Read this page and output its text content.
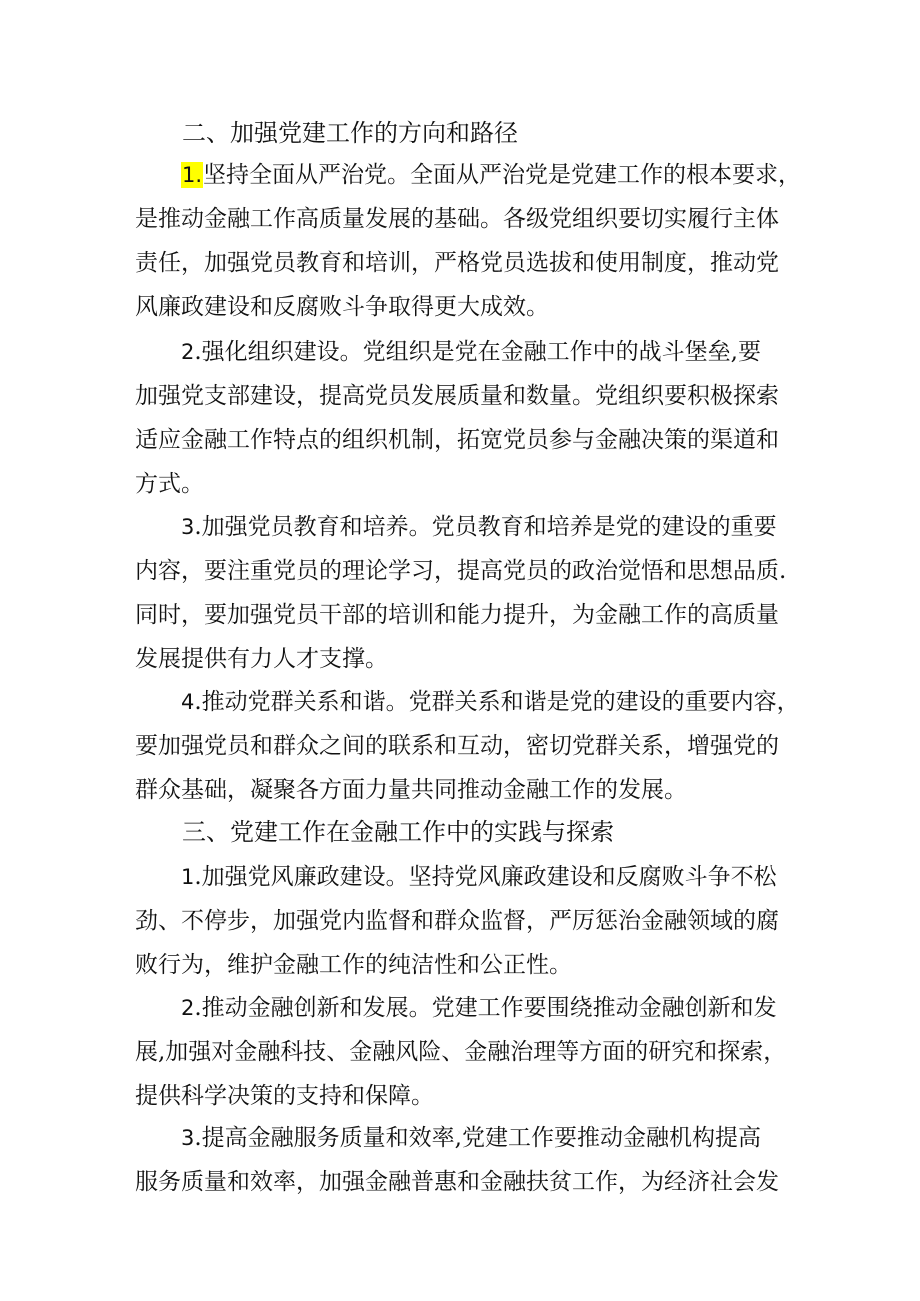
二、加强党建工作的方向和路径
1.坚持全面从严治党。全面从严治党是党建工作的根本要求，
是推动金融工作高质量发展的基础。各级党组织要切实履行主体
责任，加强党员教育和培训，严格党员选拔和使用制度，推动党
风廉政建设和反腐败斗争取得更大成效。
2.强化组织建设。党组织是党在金融工作中的战斗堡垒,要
加强党支部建设，提高党员发展质量和数量。党组织要积极探索
适应金融工作特点的组织机制，拓宽党员参与金融决策的渠道和
方式。
3.加强党员教育和培养。党员教育和培养是党的建设的重要
内容，要注重党员的理论学习，提高党员的政治觉悟和思想品质.
同时，要加强党员干部的培训和能力提升，为金融工作的高质量
发展提供有力人才支撑。
4.推动党群关系和谐。党群关系和谐是党的建设的重要内容，
要加强党员和群众之间的联系和互动，密切党群关系，增强党的
群众基础，凝聚各方面力量共同推动金融工作的发展。
三、党建工作在金融工作中的实践与探索
1.加强党风廉政建设。坚持党风廉政建设和反腐败斗争不松
劲、不停步，加强党内监督和群众监督，严厉惩治金融领域的腐
败行为，维护金融工作的纯洁性和公正性。
2.推动金融创新和发展。党建工作要围绕推动金融创新和发
展,加强对金融科技、金融风险、金融治理等方面的研究和探索，
提供科学决策的支持和保障。
3.提高金融服务质量和效率,党建工作要推动金融机构提高
服务质量和效率，加强金融普惠和金融扶贫工作，为经济社会发
